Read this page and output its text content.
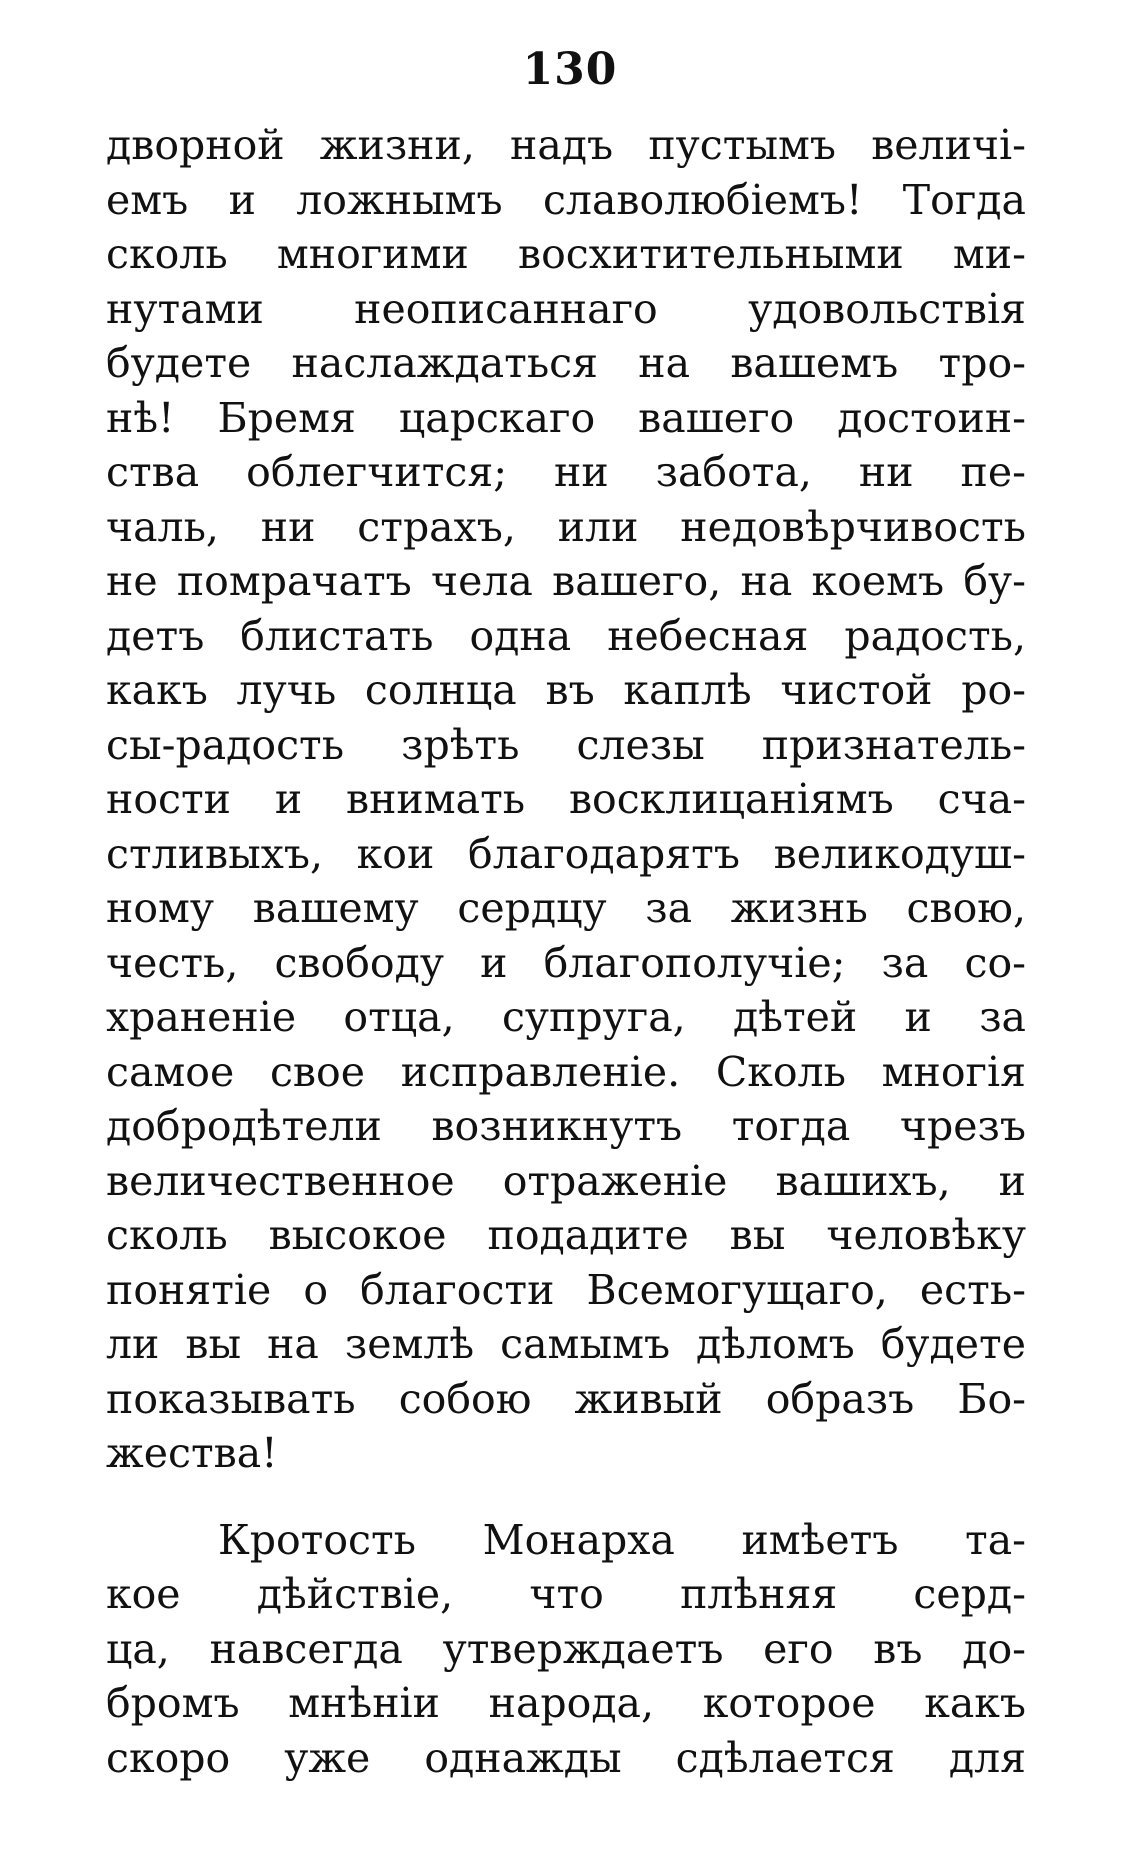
130
дворной жизни, надъ пустымъ величі-
емъ и ложнымъ славолюбіемъ! Тогда
сколь многими восхитительными ми-
нутами неописаннаго удовольствія
будете наслаждаться на вашемъ тро-
нѣ! Бремя царскаго вашего достоин-
ства облегчится; ни забота, ни пе-
чаль, ни страхъ, или недовѣрчивость
не помрачатъ чела вашего, на коемъ бу-
детъ блистать одна небесная радость,
какъ лучь солнца въ каплѣ чистой ро-
сы-радость зрѣть слезы признатель-
ности и внимать восклицаніямъ сча-
стливыхъ, кои благодарятъ великодуш-
ному вашему сердцу за жизнь свою,
честь, свободу и благополучіе; за со-
храненіе отца, супруга, дѣтей и за
самое свое исправленіе. Сколь многія
добродѣтели возникнутъ тогда чрезъ
величественное отраженіе вашихъ, и
сколь высокое подадите вы человѣку
понятіе о благости Всемогущаго, есть-
ли вы на землѣ самымъ дѣломъ будете
показывать собою живый образъ Бо-
жества!
Кротость Монарха имѣетъ та-
кое дѣйствіе, что плѣняя серд-
ца, навсегда утверждаетъ его въ до-
бромъ мнѣніи народа, которое какъ
скоро уже однажды сдѣлается для
